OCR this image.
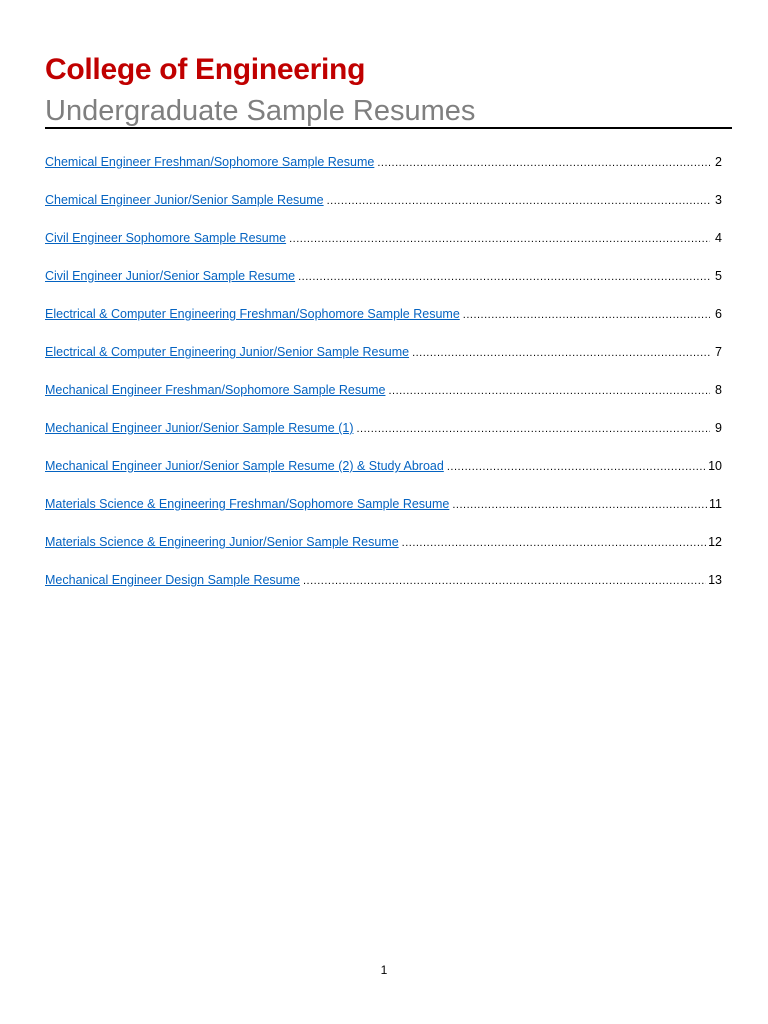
College of Engineering
Undergraduate Sample Resumes
Chemical Engineer Freshman/Sophomore Sample Resume .....	2
Chemical Engineer Junior/Senior Sample Resume .....	3
Civil Engineer Sophomore Sample Resume .....	4
Civil Engineer Junior/Senior Sample Resume .....	5
Electrical & Computer Engineering Freshman/Sophomore Sample Resume .....	6
Electrical & Computer Engineering Junior/Senior Sample Resume .....	7
Mechanical Engineer Freshman/Sophomore Sample Resume .....	8
Mechanical Engineer Junior/Senior Sample Resume (1) .....	9
Mechanical Engineer Junior/Senior Sample Resume (2) & Study Abroad .....	10
Materials Science & Engineering Freshman/Sophomore Sample Resume .....	11
Materials Science & Engineering Junior/Senior Sample Resume .....	12
Mechanical Engineer Design Sample Resume .....	13
1
